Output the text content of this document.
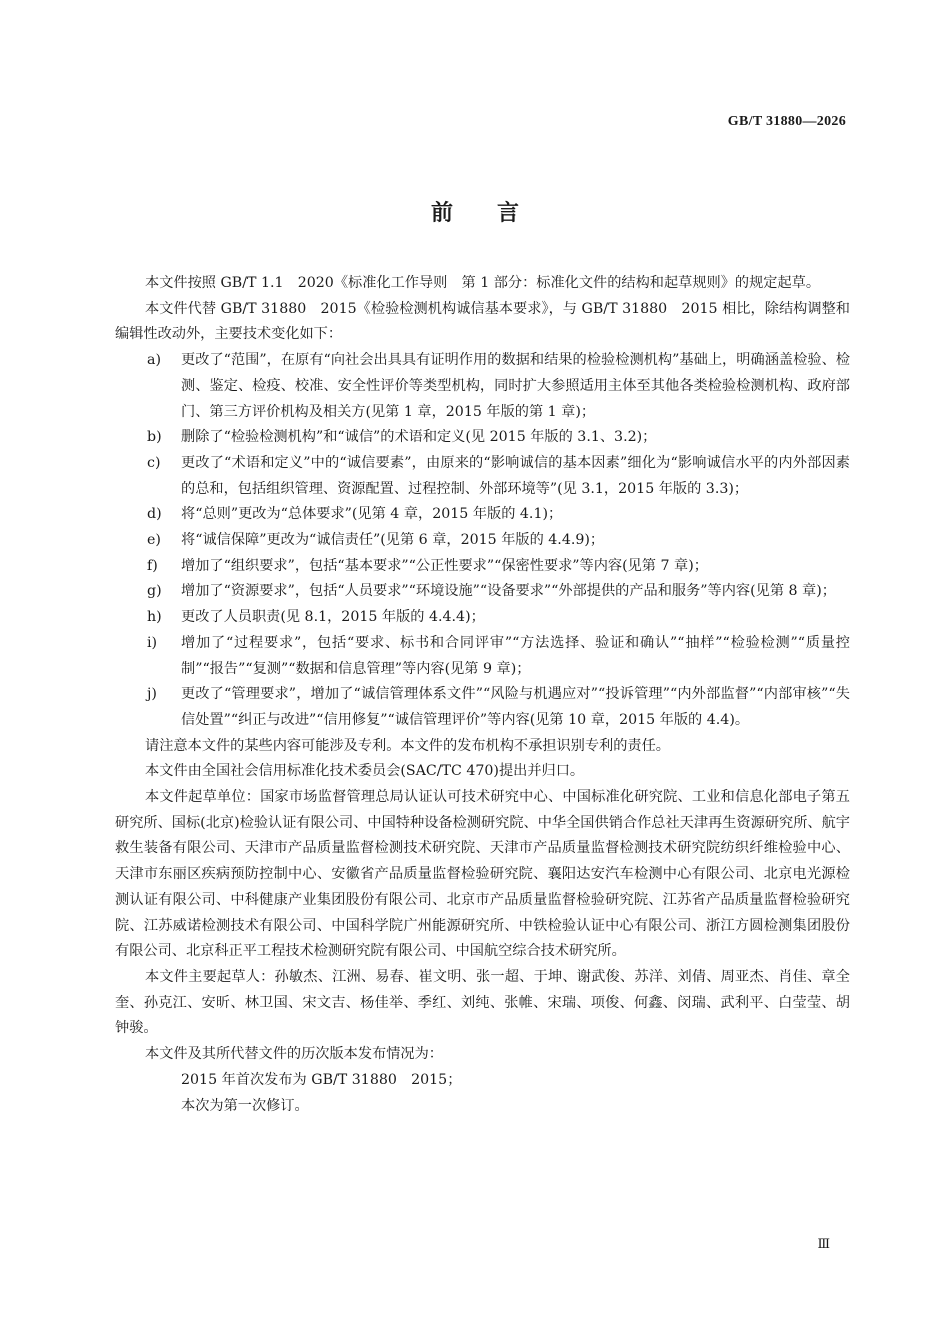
GB/T 31880—2026
前 言

本文件按照 GB/T 1.1　2020《标准化工作导则　第 1 部分：标准化文件的结构和起草规则》的规定起草。

本文件代替 GB/T 31880　2015《检验检测机构诚信基本要求》，与 GB/T 31880　2015 相比，除结构调整和编辑性改动外，主要技术变化如下：

a) 更改了“范围”，在原有“向社会出具具有证明作用的数据和结果的检验检测机构”基础上，明确涵盖检验、检测、鉴定、检疫、校准、安全性评价等类型机构，同时扩大参照适用主体至其他各类检验检测机构、政府部门、第三方评价机构及相关方(见第 1 章，2015 年版的第 1 章)；

b) 删除了“检验检测机构”和“诚信”的术语和定义(见 2015 年版的 3.1、3.2)；

c) 更改了“术语和定义”中的“诚信要素”，由原来的“影响诚信的基本因素”细化为“影响诚信水平的内外部因素的总和，包括组织管理、资源配置、过程控制、外部环境等”(见 3.1，2015 年版的 3.3)；

d) 将“总则”更改为“总体要求”(见第 4 章，2015 年版的 4.1)；

e) 将“诚信保障”更改为“诚信责任”(见第 6 章，2015 年版的 4.4.9)；

f) 增加了“组织要求”，包括“基本要求”“公正性要求”“保密性要求”等内容(见第 7 章)；

g) 增加了“资源要求”，包括“人员要求”“环境设施”“设备要求”“外部提供的产品和服务”等内容(见第 8 章)；

h) 更改了人员职责(见 8.1，2015 年版的 4.4.4)；

i) 增加了“过程要求”，包括“要求、标书和合同评审”“方法选择、验证和确认”“抽样”“检验检测”“质量控制”“报告”“复测”“数据和信息管理”等内容(见第 9 章)；

j) 更改了“管理要求”，增加了“诚信管理体系文件”“风险与机遇应对”“投诉管理”“内外部监督”“内部审核”“失信处置”“纠正与改进”“信用修复”“诚信管理评价”等内容(见第 10 章，2015 年版的 4.4)。

请注意本文件的某些内容可能涉及专利。本文件的发布机构不承担识别专利的责任。

本文件由全国社会信用标准化技术委员会(SAC/TC 470)提出并归口。

本文件起草单位：国家市场监督管理总局认证认可技术研究中心、中国标准化研究院、工业和信息化部电子第五研究所、国标(北京)检验认证有限公司、中国特种设备检测研究院、中华全国供销合作总社天津再生资源研究所、航宇救生装备有限公司、天津市产品质量监督检测技术研究院、天津市产品质量监督检测技术研究院纺织纤维检验中心、天津市东丽区疾病预防控制中心、安徽省产品质量监督检验研究院、襄阳达安汽车检测中心有限公司、北京电光源检测认证有限公司、中科健康产业集团股份有限公司、北京市产品质量监督检验研究院、江苏省产品质量监督检验研究院、江苏威诺检测技术有限公司、中国科学院广州能源研究所、中铁检验认证中心有限公司、浙江方圆检测集团股份有限公司、北京科正平工程技术检测研究院有限公司、中国航空综合技术研究所。

本文件主要起草人：孙敏杰、江洲、易春、崔文明、张一超、于坤、谢武俊、苏洋、刘倩、周亚杰、肖佳、章全奎、孙克江、安昕、林卫国、宋文吉、杨佳举、季红、刘纯、张帷、宋瑞、项俊、何鑫、闵瑞、武利平、白莹莹、胡钟骏。

本文件及其所代替文件的历次版本发布情况为：

2015 年首次发布为 GB/T 31880　2015；

本次为第一次修订。

Ⅲ
